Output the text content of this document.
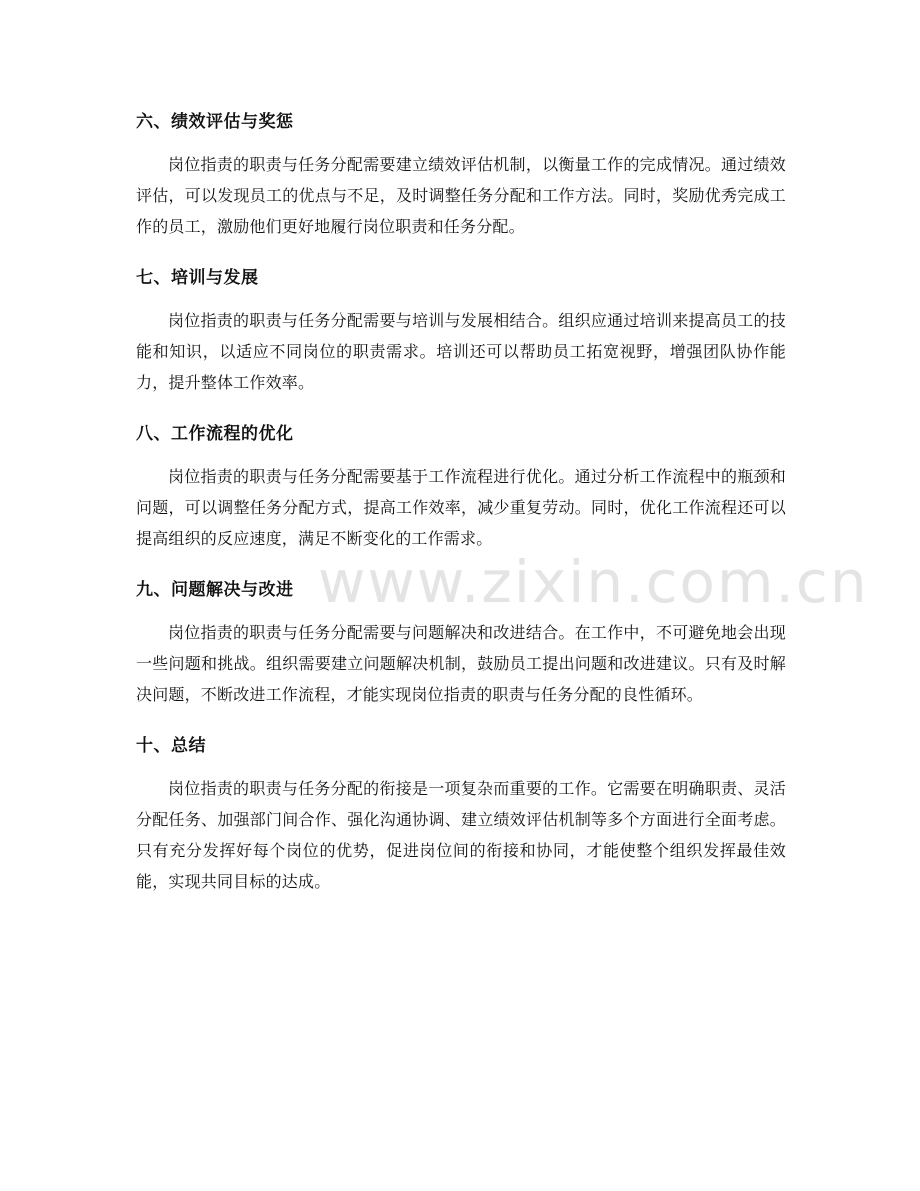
六、绩效评估与奖惩

岗位指责的职责与任务分配需要建立绩效评估机制，以衡量工作的完成情况。通过绩效评估，可以发现员工的优点与不足，及时调整任务分配和工作方法。同时，奖励优秀完成工作的员工，激励他们更好地履行岗位职责和任务分配。

七、培训与发展

岗位指责的职责与任务分配需要与培训与发展相结合。组织应通过培训来提高员工的技能和知识，以适应不同岗位的职责需求。培训还可以帮助员工拓宽视野，增强团队协作能力，提升整体工作效率。

八、工作流程的优化

岗位指责的职责与任务分配需要基于工作流程进行优化。通过分析工作流程中的瓶颈和问题，可以调整任务分配方式，提高工作效率，减少重复劳动。同时，优化工作流程还可以提高组织的反应速度，满足不断变化的工作需求。

九、问题解决与改进

岗位指责的职责与任务分配需要与问题解决和改进结合。在工作中，不可避免地会出现一些问题和挑战。组织需要建立问题解决机制，鼓励员工提出问题和改进建议。只有及时解决问题，不断改进工作流程，才能实现岗位指责的职责与任务分配的良性循环。

十、总结

岗位指责的职责与任务分配的衔接是一项复杂而重要的工作。它需要在明确职责、灵活分配任务、加强部门间合作、强化沟通协调、建立绩效评估机制等多个方面进行全面考虑。只有充分发挥好每个岗位的优势，促进岗位间的衔接和协同，才能使整个组织发挥最佳效能，实现共同目标的达成。

www.zixin.com.cn
